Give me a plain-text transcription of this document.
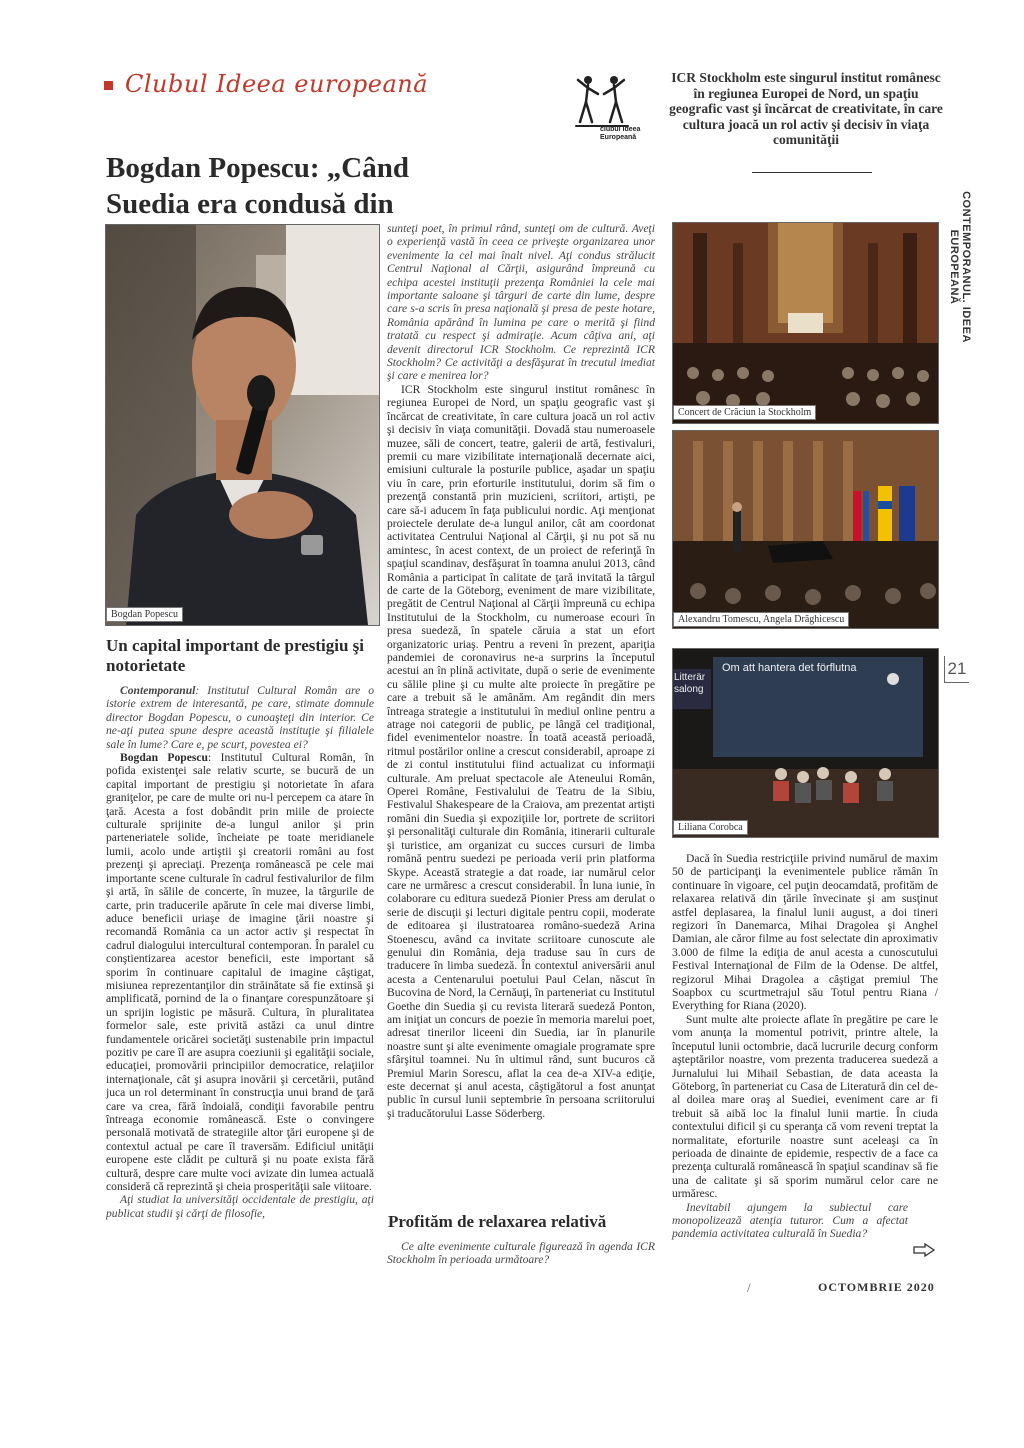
Clubul Ideea europeană
clubul Ideea
Europeană
ICR Stockholm este singurul institut românesc în regiunea Europei de Nord, un spaţiu geografic vast şi încărcat de creativitate, în care cultura joacă un rol activ şi decisiv în viaţa comunităţii
Bogdan Popescu: „Când Suedia era condusă din	CONTEMPORANUL. IDEEA EUROPEANĂ
21
Bogdan Popescu
Concert de Crăciun la Stockholm
Alexandru Tomescu, Angela Drăghicescu
Om att hantera det förflutna
Litterär salong
Liliana Corobca
Un capital important de prestigiu şi notorietate

Contemporanul: Institutul Cultural Român are o istorie extrem de interesantă, pe care, stimate domnule director Bogdan Popescu, o cunoaşteţi din interior. Ce ne-aţi putea spune despre această instituţie şi filialele sale în lume? Care e, pe scurt, povestea ei?

Bogdan Popescu: Institutul Cultural Român, în pofida existenţei sale relativ scurte, se bucură de un capital important de prestigiu şi notorietate în afara graniţelor, pe care de multe ori nu-l percepem ca atare în ţară. Acesta a fost dobândit prin miile de proiecte culturale sprijinite de-a lungul anilor şi prin parteneriatele solide, încheiate pe toate meridianele lumii, acolo unde artiştii şi creatorii români au fost prezenţi şi apreciaţi. Prezenţa românească pe cele mai importante scene culturale în cadrul festivalurilor de film şi artă, în sălile de concerte, în muzee, la târgurile de carte, prin traducerile apărute în cele mai diverse limbi, aduce beneficii uriaşe de imagine ţării noastre şi recomandă România ca un actor activ şi respectat în cadrul dialogului intercultural contemporan. În paralel cu conştientizarea acestor beneficii, este important să sporim în continuare capitalul de imagine câştigat, misiunea reprezentanţilor din străinătate să fie extinsă şi amplificată, pornind de la o finanţare corespunzătoare şi un sprijin logistic pe măsură. Cultura, în pluralitatea formelor sale, este privită astăzi ca unul dintre fundamentele oricărei societăţi sustenabile prin impactul pozitiv pe care îl are asupra coeziunii şi egalităţii sociale, educaţiei, promovării principiilor democratice, relaţiilor internaţionale, cât şi asupra inovării şi cercetării, putând juca un rol determinant în construcţia unui brand de ţară care va crea, fără îndoială, condiţii favorabile pentru întreaga economie românească. Este o convingere personală motivată de strategiile altor ţări europene şi de contextul actual pe care îl traversăm. Edificiul unităţii europene este clădit pe cultură şi nu poate exista fără cultură, despre care multe voci avizate din lumea actuală consideră că reprezintă şi cheia prosperităţii sale viitoare.

Aţi studiat la universităţi occidentale de prestigiu, aţi publicat studii şi cărţi de filosofie,

sunteţi poet, în primul rând, sunteţi om de cultură. Aveţi o experienţă vastă în ceea ce priveşte organizarea unor evenimente la cel mai înalt nivel. Aţi condus strălucit Centrul Naţional al Cărţii, asigurând împreună cu echipa acestei instituţii prezenţa României la cele mai importante saloane şi târguri de carte din lume, despre care s-a scris în presa naţională şi presa de peste hotare, România apărând în lumina pe care o merită şi fiind tratată cu respect şi admiraţie. Acum câţiva ani, aţi devenit directorul ICR Stockholm. Ce reprezintă ICR Stockholm? Ce activităţi a desfăşurat în trecutul imediat şi care e menirea lor?

ICR Stockholm este singurul institut românesc în regiunea Europei de Nord, un spaţiu geografic vast şi încărcat de creativitate, în care cultura joacă un rol activ şi decisiv în viaţa comunităţii. Dovadă stau numeroasele muzee, săli de concert, teatre, galerii de artă, festivaluri, premii cu mare vizibilitate internaţională decernate aici, emisiuni culturale la posturile publice, aşadar un spaţiu viu în care, prin eforturile institutului, dorim să fim o prezenţă constantă prin muzicieni, scriitori, artişti, pe care să-i aducem în faţa publicului nordic. Aţi menţionat proiectele derulate de-a lungul anilor, cât am coordonat activitatea Centrului Naţional al Cărţii, şi nu pot să nu amintesc, în acest context, de un proiect de referinţă în spaţiul scandinav, desfăşurat în toamna anului 2013, când România a participat în calitate de ţară invitată la târgul de carte de la Göteborg, eveniment de mare vizibilitate, pregătit de Centrul Naţional al Cărţii împreună cu echipa Institutului de la Stockholm, cu numeroase ecouri în presa suedeză, în spatele căruia a stat un efort organizatoric uriaş. Pentru a reveni în prezent, apariţia pandemiei de coronavirus ne-a surprins la începutul acestui an în plină activitate, după o serie de evenimente cu sălile pline şi cu multe alte proiecte în pregătire pe care a trebuit să le amânăm. Am regândit din mers întreaga strategie a institutului în mediul online pentru a atrage noi categorii de public, pe lângă cel tradiţional, fidel evenimentelor noastre. În toată această perioadă, ritmul postărilor online a crescut considerabil, aproape zi de zi contul institutului fiind actualizat cu informaţii culturale. Am preluat spectacole ale Ateneului Român, Operei Române, Festivalului de Teatru de la Sibiu, Festivalul Shakespeare de la Craiova, am prezentat artişti români din Suedia şi expoziţiile lor, portrete de scriitori şi personalităţi culturale din România, itinerarii culturale şi turistice, am organizat cu succes cursuri de limba română pentru suedezi pe perioada verii prin platforma Skype. Această strategie a dat roade, iar numărul celor care ne urmăresc a crescut considerabil. În luna iunie, în colaborare cu editura suedeză Pionier Press am derulat o serie de discuţii şi lecturi digitale pentru copii, moderate de editoarea şi ilustratoarea româno-suedeză Arina Stoenescu, având ca invitate scriitoare cunoscute ale genului din România, deja traduse sau în curs de traducere în limba suedeză. În contextul aniversării anul acesta a Centenarului poetului Paul Celan, născut în Bucovina de Nord, la Cernăuţi, în parteneriat cu Institutul Goethe din Suedia şi cu revista literară suedeză Ponton, am iniţiat un concurs de poezie în memoria marelui poet, adresat tinerilor liceeni din Suedia, iar în planurile noastre sunt şi alte evenimente omagiale programate spre sfârşitul toamnei. Nu în ultimul rând, sunt bucuros că Premiul Marin Sorescu, aflat la cea de-a XIV-a ediţie, este decernat şi anul acesta, câştigătorul a fost anunţat public în cursul lunii septembrie în persoana scriitorului şi traducătorului Lasse Söderberg.

Profităm de relaxarea relativă

Ce alte evenimente culturale figurează în agenda ICR Stockholm în perioada următoare?

Dacă în Suedia restricţiile privind numărul de maxim 50 de participanţi la evenimentele publice rămân în continuare în vigoare, cel puţin deocamdată, profităm de relaxarea relativă din ţările învecinate şi am susţinut astfel deplasarea, la finalul lunii august, a doi tineri regizori în Danemarca, Mihai Dragolea şi Anghel Damian, ale căror filme au fost selectate din aproximativ 3.000 de filme la ediţia de anul acesta a cunoscutului Festival Internaţional de Film de la Odense. De altfel, regizorul Mihai Dragolea a câştigat premiul The Soapbox cu scurtmetrajul său Totul pentru Riana / Everything for Riana (2020).

Sunt multe alte proiecte aflate în pregătire pe care le vom anunţa la momentul potrivit, printre altele, la începutul lunii octombrie, dacă lucrurile decurg conform aşteptărilor noastre, vom prezenta traducerea suedeză a Jurnalului lui Mihail Sebastian, de data aceasta la Göteborg, în parteneriat cu Casa de Literatură din cel de-al doilea mare oraş al Suediei, eveniment care ar fi trebuit să aibă loc la finalul lunii martie. În ciuda contextului dificil şi cu speranţa că vom reveni treptat la normalitate, eforturile noastre sunt aceleaşi ca în perioada de dinainte de epidemie, respectiv de a face ca prezenţa culturală românească în spaţiul scandinav să fie una de calitate şi să sporim numărul celor care ne urmăresc.

Inevitabil ajungem la subiectul care monopolizează atenţia tuturor. Cum a afectat pandemia activitatea culturală în Suedia?

/	OCTOMBRIE 2020
